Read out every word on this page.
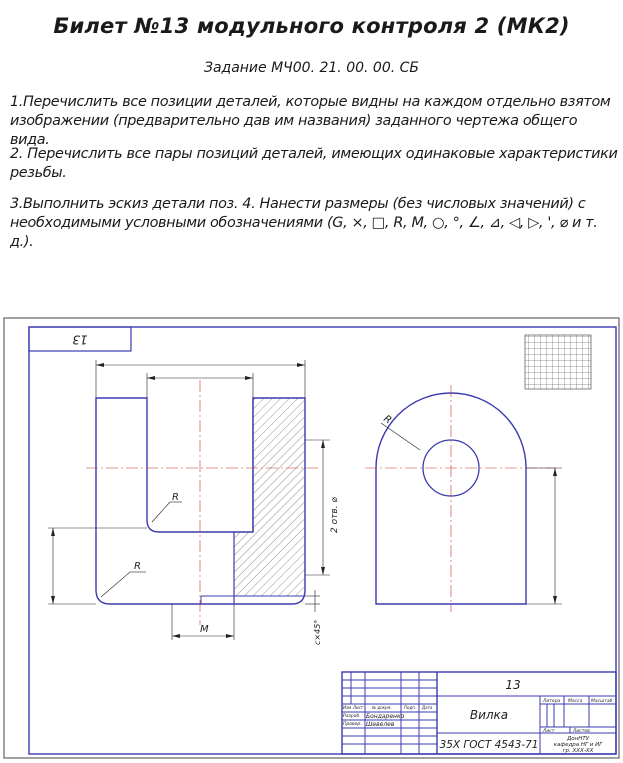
Билет №13 модульного контроля 2 (МК2)
Задание МЧ00. 21. 00. 00. СБ
1.Перечислить все позиции деталей, которые видны на каждом отдельно взятом изображении (предварительно дав им названия) заданного чертежа общего вида.
2. Перечислить все пары позиций деталей, имеющих одинаковые характеристики резьбы.
3.Выполнить эскиз детали поз. 4. Нанести размеры (без числовых значений) с необходимыми условными обозначениями (G, ×, □, R, M, ○, °, ∠, ⊿, ◁, ▷, ', ⌀ и т. д.).
13
2 отв. ⌀
R
R
M	c×45°
R
13
Вилка
35Х ГОСТ 4543-71
Изм Лист № докум.	Подп. Дата
Разраб.
Провер.
Бондаренко
Шевелев
Литера Масса Масштаб
Лист	Листов
ДонНТУ
кафедра НГ и ИГ
гр. ХХХ-ХХ
